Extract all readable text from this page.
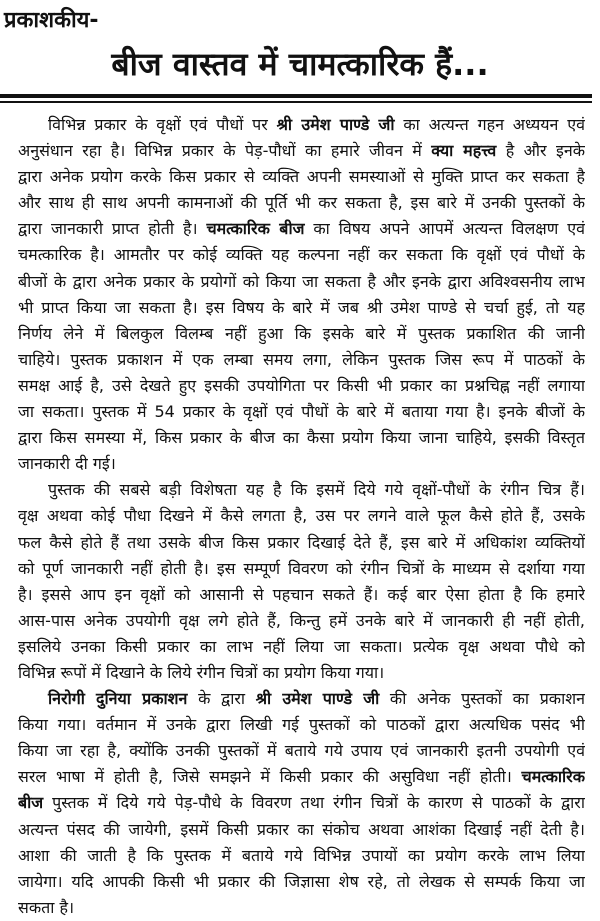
प्रकाशकीय-
बीज वास्तव में चामत्कारिक हैं...
विभिन्न प्रकार के वृक्षों एवं पौधों पर श्री उमेश पाण्डे जी का अत्यन्त गहन अध्ययन एवं
अनुसंधान रहा है। विभिन्न प्रकार के पेड़-पौधों का हमारे जीवन में क्या महत्त्व है और इनके
द्वारा अनेक प्रयोग करके किस प्रकार से व्यक्ति अपनी समस्याओं से मुक्ति प्राप्त कर सकता है
और साथ ही साथ अपनी कामनाओं की पूर्ति भी कर सकता है, इस बारे में उनकी पुस्तकों के
द्वारा जानकारी प्राप्त होती है। चमत्कारिक बीज का विषय अपने आपमें अत्यन्त विलक्षण एवं
चमत्कारिक है। आमतौर पर कोई व्यक्ति यह कल्पना नहीं कर सकता कि वृक्षों एवं पौधों के
बीजों के द्वारा अनेक प्रकार के प्रयोगों को किया जा सकता है और इनके द्वारा अविश्वसनीय लाभ
भी प्राप्त किया जा सकता है। इस विषय के बारे में जब श्री उमेश पाण्डे से चर्चा हुई, तो यह
निर्णय लेने में बिलकुल विलम्ब नहीं हुआ कि इसके बारे में पुस्तक प्रकाशित की जानी
चाहिये। पुस्तक प्रकाशन में एक लम्बा समय लगा, लेकिन पुस्तक जिस रूप में पाठकों के
समक्ष आई है, उसे देखते हुए इसकी उपयोगिता पर किसी भी प्रकार का प्रश्नचिह्न नहीं लगाया
जा सकता। पुस्तक में 54 प्रकार के वृक्षों एवं पौधों के बारे में बताया गया है। इनके बीजों के
द्वारा किस समस्या में, किस प्रकार के बीज का कैसा प्रयोग किया जाना चाहिये, इसकी विस्तृत
जानकारी दी गई।
पुस्तक की सबसे बड़ी विशेषता यह है कि इसमें दिये गये वृक्षों-पौधों के रंगीन चित्र हैं।
वृक्ष अथवा कोई पौधा दिखने में कैसे लगता है, उस पर लगने वाले फूल कैसे होते हैं, उसके
फल कैसे होते हैं तथा उसके बीज किस प्रकार दिखाई देते हैं, इस बारे में अधिकांश व्यक्तियों
को पूर्ण जानकारी नहीं होती है। इस सम्पूर्ण विवरण को रंगीन चित्रों के माध्यम से दर्शाया गया
है। इससे आप इन वृक्षों को आसानी से पहचान सकते हैं। कई बार ऐसा होता है कि हमारे
आस-पास अनेक उपयोगी वृक्ष लगे होते हैं, किन्तु हमें उनके बारे में जानकारी ही नहीं होती,
इसलिये उनका किसी प्रकार का लाभ नहीं लिया जा सकता। प्रत्येक वृक्ष अथवा पौधे को
विभिन्न रूपों में दिखाने के लिये रंगीन चित्रों का प्रयोग किया गया।
निरोगी दुनिया प्रकाशन के द्वारा श्री उमेश पाण्डे जी की अनेक पुस्तकों का प्रकाशन
किया गया। वर्तमान में उनके द्वारा लिखी गई पुस्तकों को पाठकों द्वारा अत्यधिक पसंद भी
किया जा रहा है, क्योंकि उनकी पुस्तकों में बताये गये उपाय एवं जानकारी इतनी उपयोगी एवं
सरल भाषा में होती है, जिसे समझने में किसी प्रकार की असुविधा नहीं होती। चमत्कारिक
बीज पुस्तक में दिये गये पेड़-पौधे के विवरण तथा रंगीन चित्रों के कारण से पाठकों के द्वारा
अत्यन्त पंसद की जायेगी, इसमें किसी प्रकार का संकोच अथवा आशंका दिखाई नहीं देती है।
आशा की जाती है कि पुस्तक में बताये गये विभिन्न उपायों का प्रयोग करके लाभ लिया
जायेगा। यदि आपकी किसी भी प्रकार की जिज्ञासा शेष रहे, तो लेखक से सम्पर्क किया जा
सकता है।
